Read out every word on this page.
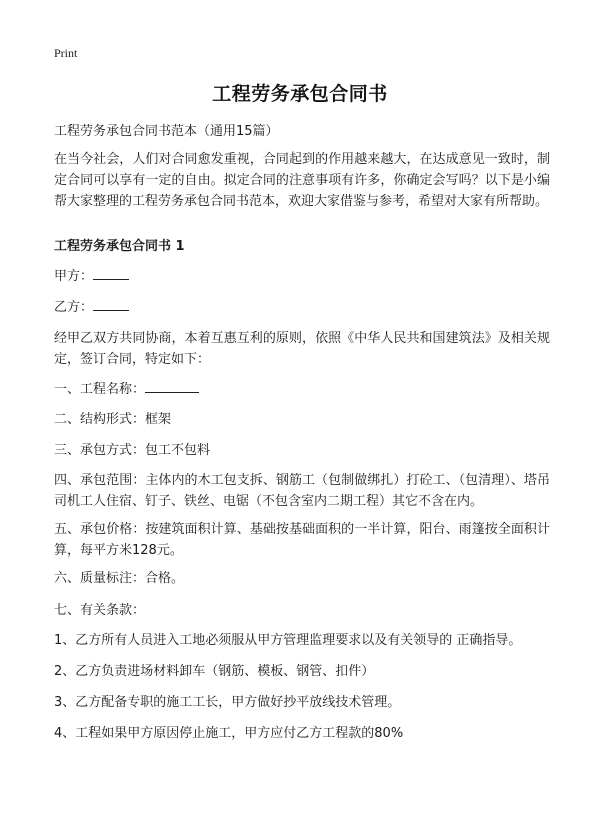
Print
工程劳务承包合同书
工程劳务承包合同书范本（通用15篇）
在当今社会，人们对合同愈发重视，合同起到的作用越来越大，在达成意见一致时，制定合同可以享有一定的自由。拟定合同的注意事项有许多，你确定会写吗？以下是小编帮大家整理的工程劳务承包合同书范本，欢迎大家借鉴与参考，希望对大家有所帮助。
工程劳务承包合同书 1
甲方：
乙方：
经甲乙双方共同协商，本着互惠互利的原则，依照《中华人民共和国建筑法》及相关规定，签订合同，特定如下：
一、工程名称：
二、结构形式：框架
三、承包方式：包工不包料
四、承包范围：主体内的木工包支拆、钢筋工（包制做绑扎）打砼工、（包清理）、塔吊司机工人住宿、钉子、铁丝、电锯（不包含室内二期工程）其它不含在内。
五、承包价格：按建筑面积计算、基础按基础面积的一半计算，阳台、雨篷按全面积计算，每平方米128元。
六、质量标注：合格。
七、有关条款：
1、乙方所有人员进入工地必须服从甲方管理监理要求以及有关领导的 正确指导。
2、乙方负责进场材料卸车（钢筋、模板、钢管、扣件）
3、乙方配备专职的施工工长，甲方做好抄平放线技术管理。
4、工程如果甲方原因停止施工，甲方应付乙方工程款的80%
